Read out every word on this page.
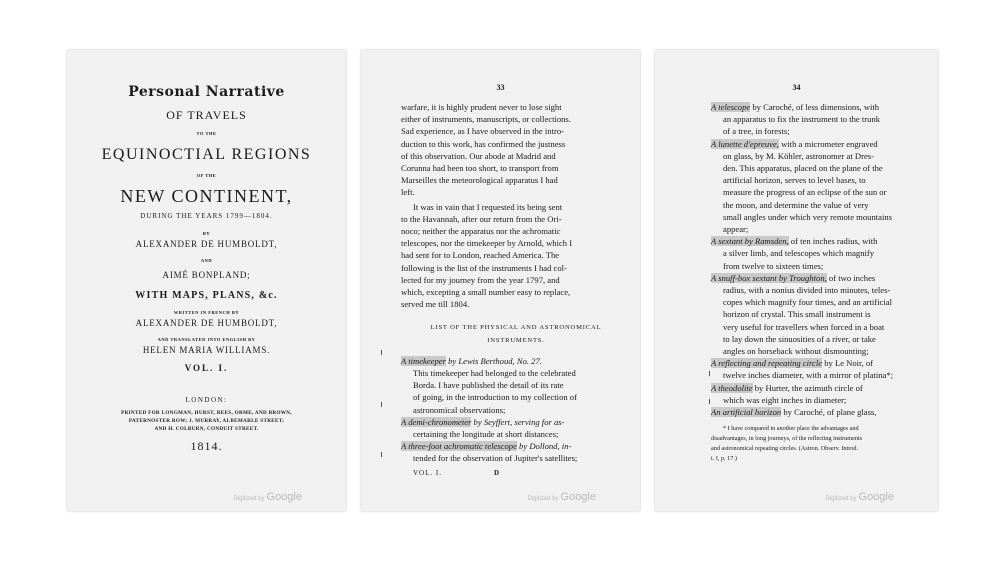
Personal Narrative
OF TRAVELS
TO THE
EQUINOCTIAL REGIONS
OF THE
NEW CONTINENT,
DURING THE YEARS 1799—1804.
BY
ALEXANDER DE HUMBOLDT,
AND
AIMÉ BONPLAND;
WITH MAPS, PLANS, &c.
WRITTEN IN FRENCH BY
ALEXANDER DE HUMBOLDT,
AND TRANSLATED INTO ENGLISH BY
HELEN MARIA WILLIAMS.
VOL. I.
LONDON:
PRINTED FOR LONGMAN, HURST, REES, ORME, AND BROWN,
PATERNOSTER ROW; J. MURRAY, ALBEMARLE STREET;
AND H. COLBURN, CONDUIT STREET.
1814.
Digitized by Google
33
warfare, it is highly prudent never to lose sight
either of instruments, manuscripts, or collections.
Sad experience, as I have observed in the intro-
duction to this work, has confirmed the justness
of this observation. Our abode at Madrid and
Corunna had been too short, to transport from
Marseilles the meteorological apparatus I had
left.
It was in vain that I requested its being sent
to the Havannah, after our return from the Ori-
noco; neither the apparatus nor the achromatic
telescopes, nor the timekeeper by Arnold, which I
had sent for to London, reached America. The
following is the list of the instruments I had col-
lected for my journey from the year 1797, and
which, excepting a small number easy to replace,
served me till 1804.
LIST OF THE PHYSICAL AND ASTRONOMICAL
INSTRUMENTS.
A timekeeper by Lewis Berthoud, No. 27.
This timekeeper had belonged to the celebrated
Borda. I have published the detail of its rate
of going, in the introduction to my collection of
astronomical observations;
A demi-chronometer by Seyffert, serving for as-
certaining the longitude at short distances;
A three-foot achromatic telescope by Dollond, in-
tended for the observation of Jupiter's satellites;
VOL. I.	D
Digitized by Google
34
A telescope by Caroché, of less dimensions, with
an apparatus to fix the instrument to the trunk
of a tree, in forests;
A lunette d'epreuve, with a micrometer engraved
on glass, by M. Köhler, astronomer at Dres-
den. This apparatus, placed on the plane of the
artificial horizon, serves to level bases, to
measure the progress of an eclipse of the sun or
the moon, and determine the value of very
small angles under which very remote mountains
appear;
A sextant by Ramsden, of ten inches radius, with
a silver limb, and telescopes which magnify
from twelve to sixteen times;
A snuff-box sextant by Troughton, of two inches
radius, with a nonius divided into minutes, teles-
copes which magnify four times, and an artificial
horizon of crystal. This small instrument is
very useful for travellers when forced in a boat
to lay down the sinuosities of a river, or take
angles on horseback without dismounting;
A reflecting and repeating circle by Le Noir, of
twelve inches diameter, with a mirror of platina*;
A theodolite by Hurter, the azimuth circle of
which was eight inches in diameter;
An artificial horizon by Caroché, of plane glass,
* I have compared in another place the advantages and
disadvantages, in long journeys, of the reflecting instruments
and astronomical repeating circles. (Astron. Observ. Introd.
t. I, p. 17.)
Digitized by Google
